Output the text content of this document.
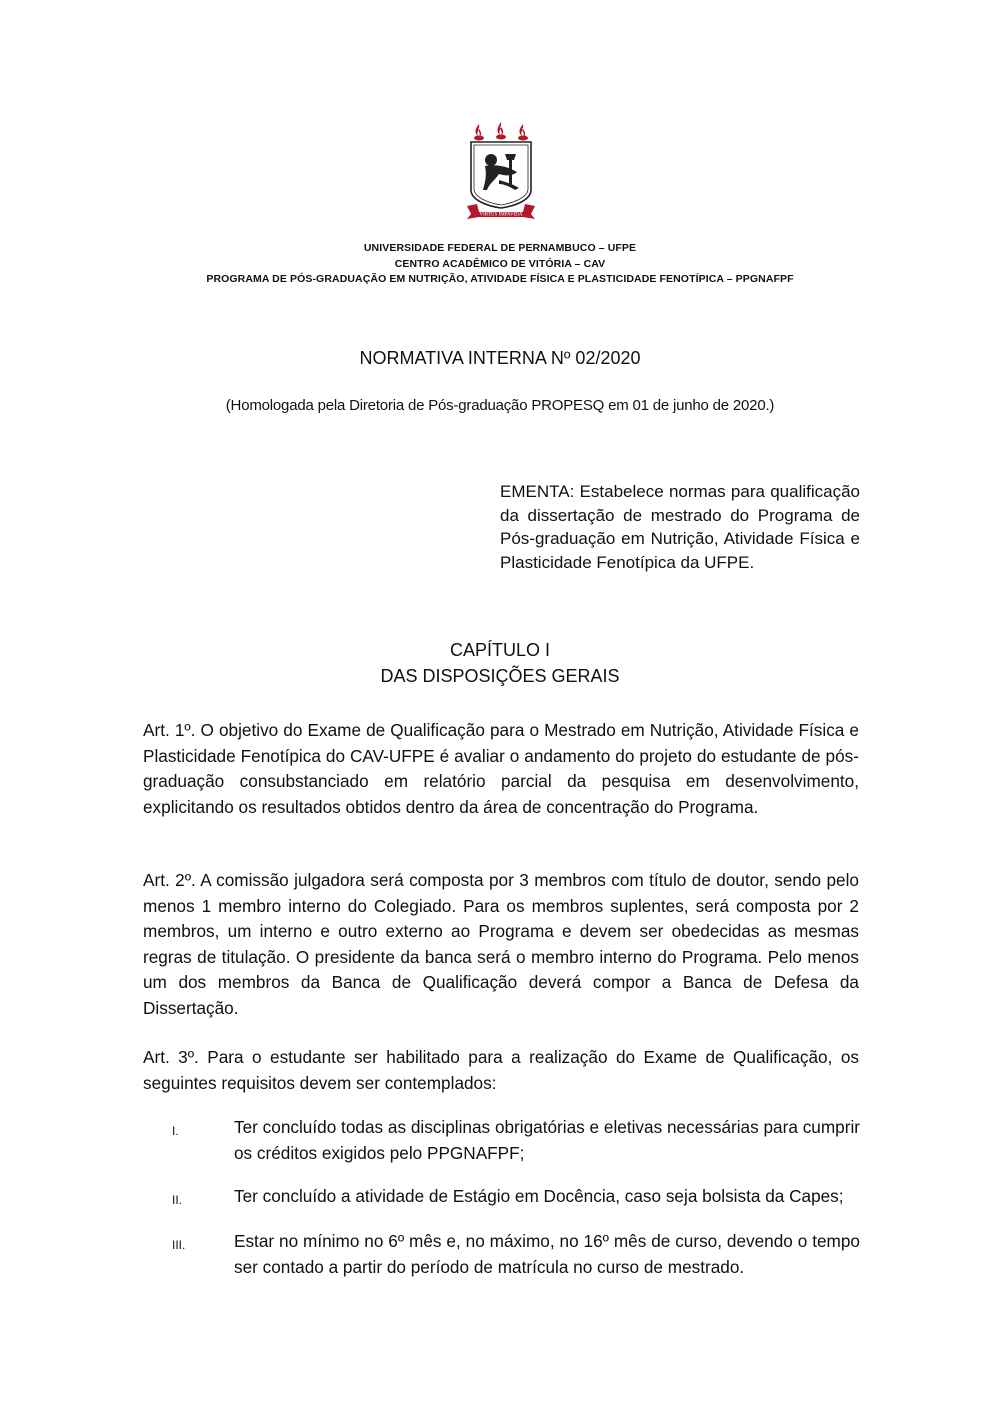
VIRTUS IMPAVIDA
UNIVERSIDADE FEDERAL DE PERNAMBUCO – UFPE
CENTRO ACADÊMICO DE VITÓRIA – CAV
PROGRAMA DE PÓS-GRADUAÇÃO EM NUTRIÇÃO, ATIVIDADE FÍSICA E PLASTICIDADE FENOTÍPICA – PPGNAFPF
NORMATIVA INTERNA Nº 02/2020
(Homologada pela Diretoria de Pós-graduação PROPESQ em 01 de junho de 2020.)
EMENTA: Estabelece normas para qualificação da dissertação de mestrado do Programa de Pós-graduação em Nutrição, Atividade Física e Plasticidade Fenotípica da UFPE.
CAPÍTULO I
DAS DISPOSIÇÕES GERAIS
Art. 1º. O objetivo do Exame de Qualificação para o Mestrado em Nutrição, Atividade Física e Plasticidade Fenotípica do CAV-UFPE é avaliar o andamento do projeto do estudante de pós-graduação consubstanciado em relatório parcial da pesquisa em desenvolvimento, explicitando os resultados obtidos dentro da área de concentração do Programa.
Art. 2º. A comissão julgadora será composta por 3 membros com título de doutor, sendo pelo menos 1 membro interno do Colegiado. Para os membros suplentes, será composta por 2 membros, um interno e outro externo ao Programa e devem ser obedecidas as mesmas regras de titulação. O presidente da banca será o membro interno do Programa. Pelo menos um dos membros da Banca de Qualificação deverá compor a Banca de Defesa da Dissertação.
Art. 3º. Para o estudante ser habilitado para a realização do Exame de Qualificação, os seguintes requisitos devem ser contemplados:
I.	Ter concluído todas as disciplinas obrigatórias e eletivas necessárias para cumprir os créditos exigidos pelo PPGNAFPF;
II.	Ter concluído a atividade de Estágio em Docência, caso seja bolsista da Capes;
III.	Estar no mínimo no 6º mês e, no máximo, no 16º mês de curso, devendo o tempo ser contado a partir do período de matrícula no curso de mestrado.
